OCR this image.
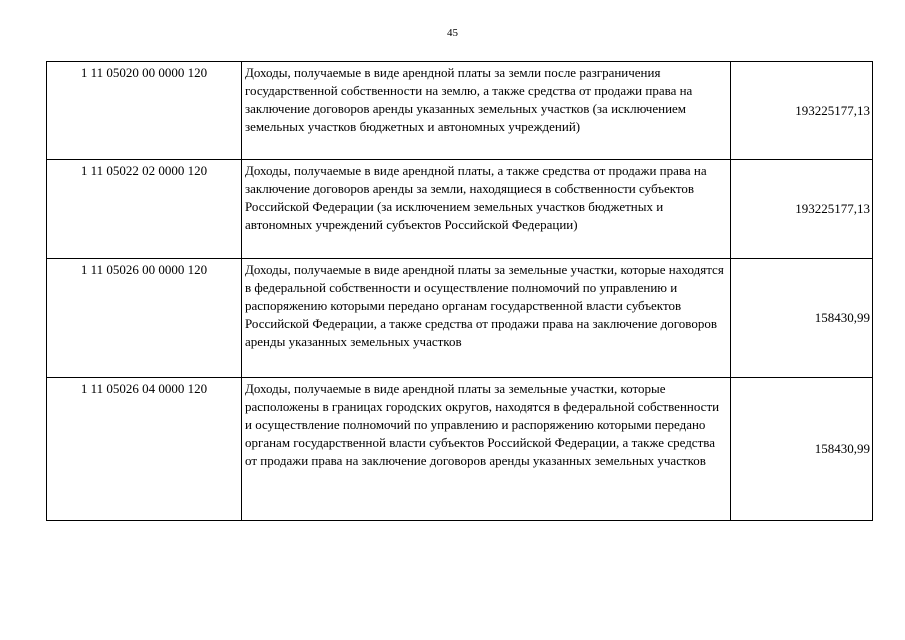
45
1 11 05020 00 0000 120	Доходы, получаемые в виде арендной платы за земли после разграничения государственной собственности на землю, а также средства от продажи права на заключение договоров аренды указанных земельных участков (за исключением земельных участков бюджетных и автономных учреждений)	193225177,13
1 11 05022 02 0000 120	Доходы, получаемые в виде арендной платы, а также средства от продажи права на заключение договоров аренды за земли, находящиеся в собственности субъектов Российской Федерации (за исключением земельных участков бюджетных и автономных учреждений субъектов Российской Федерации)	193225177,13
1 11 05026 00 0000 120	Доходы, получаемые в виде арендной платы за земельные участки, которые находятся в федеральной собственности и осуществление полномочий по управлению и распоряжению которыми передано органам государственной власти субъектов Российской Федерации, а также средства от продажи права на заключение договоров аренды указанных земельных участков	158430,99
1 11 05026 04 0000 120	Доходы, получаемые в виде арендной платы за земельные участки, которые расположены в границах городских округов, находятся в федеральной собственности и осуществление полномочий по управлению и распоряжению которыми передано органам государственной власти субъектов Российской Федерации, а также средства от продажи права на заключение договоров аренды указанных земельных участков	158430,99
